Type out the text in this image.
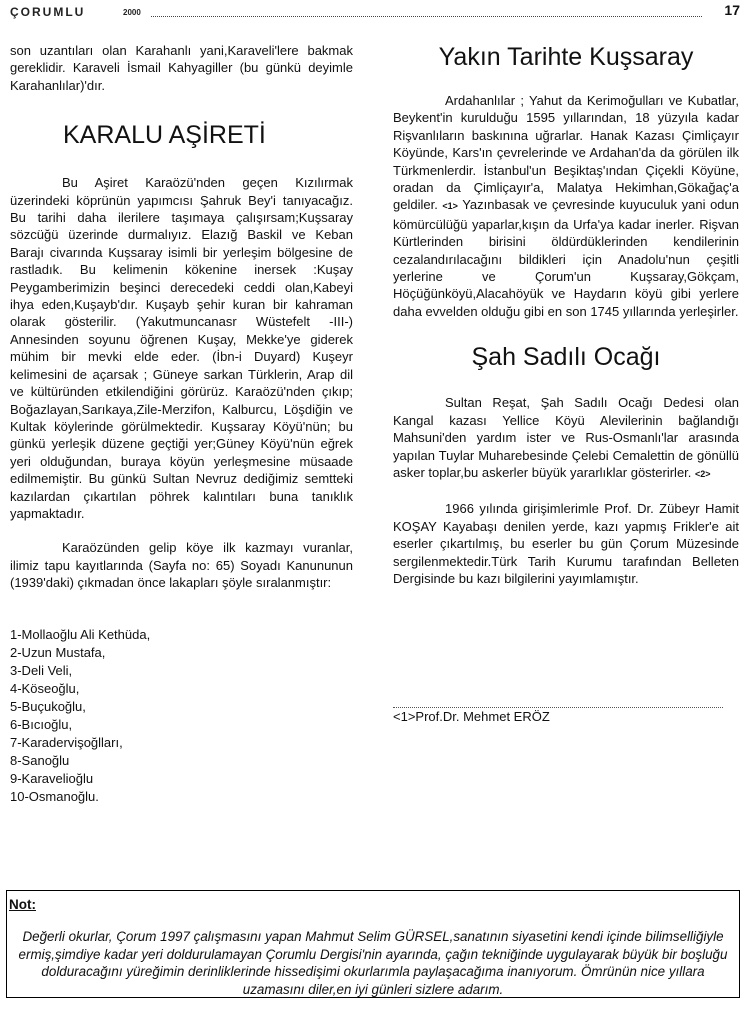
ÇORUMLU	2000	17

son uzantıları olan Karahanlı yani,Karaveli'lere bakmak gereklidir. Karaveli İsmail Kahyagiller (bu günkü deyimle Karahanlılar)'dır.

KARALU AŞİRETİ

Bu Aşiret Karaözü'nden geçen Kızılırmak üzerindeki köprünün yapımcısı Şahruk Bey'i tanıyacağız. Bu tarihi daha ilerilere taşımaya çalışırsam;Kuşsaray sözcüğü üzerinde durmalıyız. Elazığ Baskil ve Keban Barajı civarında Kuşsaray isimli bir yerleşim bölgesine de rastladık. Bu kelimenin kökenine inersek :Kuşay Peygamberimizin beşinci derecedeki ceddi olan,Kabeyi ihya eden,Kuşayb'dır. Kuşayb şehir kuran bir kahraman olarak gösterilir. (Yakutmuncanasr Wüstefelt -III-) Annesinden soyunu öğrenen Kuşay, Mekke'ye giderek mühim bir mevki elde eder. (İbn-i Duyard) Kuşeyr kelimesini de açarsak ; Güneye sarkan Türklerin, Arap dil ve kültüründen etkilendiğini görürüz. Karaözü'nden çıkıp; Boğazlayan,Sarıkaya,Zile-Merzifon, Kalburcu, Löşdiğin ve Kultak köylerinde görülmektedir. Kuşsaray Köyü'nün; bu günkü yerleşik düzene geçtiği yer;Güney Köyü'nün eğrek yeri olduğundan, buraya köyün yerleşmesine müsaade edilmemiştir. Bu günkü Sultan Nevruz dediğimiz semtteki kazılardan çıkartılan pöhrek kalıntıları buna tanıklık yapmaktadır.

Karaözünden gelip köye ilk kazmayı vuranlar, ilimiz tapu kayıtlarında (Sayfa no: 65) Soyadı Kanununun (1939'daki) çıkmadan önce lakapları şöyle sıralanmıştır:

1-Mollaoğlu Ali Kethüda,
2-Uzun Mustafa,
3-Deli Veli,
4-Köseoğlu,
5-Buçukoğlu,
6-Bıcıoğlu,
7-Karadervişoğlları,
8-Sanoğlu
9-Karavelioğlu
10-Osmanoğlu.
Yakın Tarihte Kuşsaray

Ardahanlılar ; Yahut da Kerimoğulları ve Kubatlar, Beykent'in kurulduğu 1595 yıllarından, 18 yüzyıla kadar Rişvanlıların baskınına uğrarlar. Hanak Kazası Çimliçayır Köyünde, Kars'ın çevrelerinde ve Ardahan'da da görülen ilk Türkmenlerdir. İstanbul'un Beşiktaş'ından Çiçekli Köyüne, oradan da Çimliçayır'a, Malatya Hekimhan,Gökağaç'a geldiler. <1> Yazınbasak ve çevresinde kuyuculuk yani odun kömürcülüğü yaparlar,kışın da Urfa'ya kadar inerler. Rişvan Kürtlerinden birisini öldürdüklerinden kendilerinin cezalandırılacağını bildikleri için Anadolu'nun çeşitli yerlerine ve Çorum'un Kuşsaray,Gökçam, Höçüğünköyü,Alacahöyük ve Haydarın köyü gibi yerlere daha evvelden olduğu gibi en son 1745 yıllarında yerleşirler.

Şah Sadılı Ocağı

Sultan Reşat, Şah Sadılı Ocağı Dedesi olan Kangal kazası Yellice Köyü Alevilerinin bağlandığı Mahsuni'den yardım ister ve Rus-Osmanlı'lar arasında yapılan Tuylar Muharebesinde Çelebi Cemalettin de gönüllü asker toplar,bu askerler büyük yararlıklar gösterirler. <2>

1966 yılında girişimlerimle Prof. Dr. Zübeyr Hamit KOŞAY Kayabaşı denilen yerde, kazı yapmış Frikler'e ait eserler çıkartılmış, bu eserler bu gün Çorum Müzesinde sergilenmektedir.Türk Tarih Kurumu tarafından Belleten Dergisinde bu kazı bilgilerini yayımlamıştır.

<1>Prof.Dr. Mehmet ERÖZ

Not:

Değerli okurlar, Çorum 1997 çalışmasını yapan Mahmut Selim GÜRSEL,sanatının siyasetini kendi içinde bilimselliğiyle ermiş,şimdiye kadar yeri doldurulamayan Çorumlu Dergisi'nin ayarında, çağın tekniğinde uygulayarak büyük bir boşluğu dolduracağını yüreğimin derinliklerinde hissedişimi okurlarımla paylaşacağıma inanıyorum. Ömrünün nice yıllara uzamasını diler,en iyi günleri sizlere adarım.
